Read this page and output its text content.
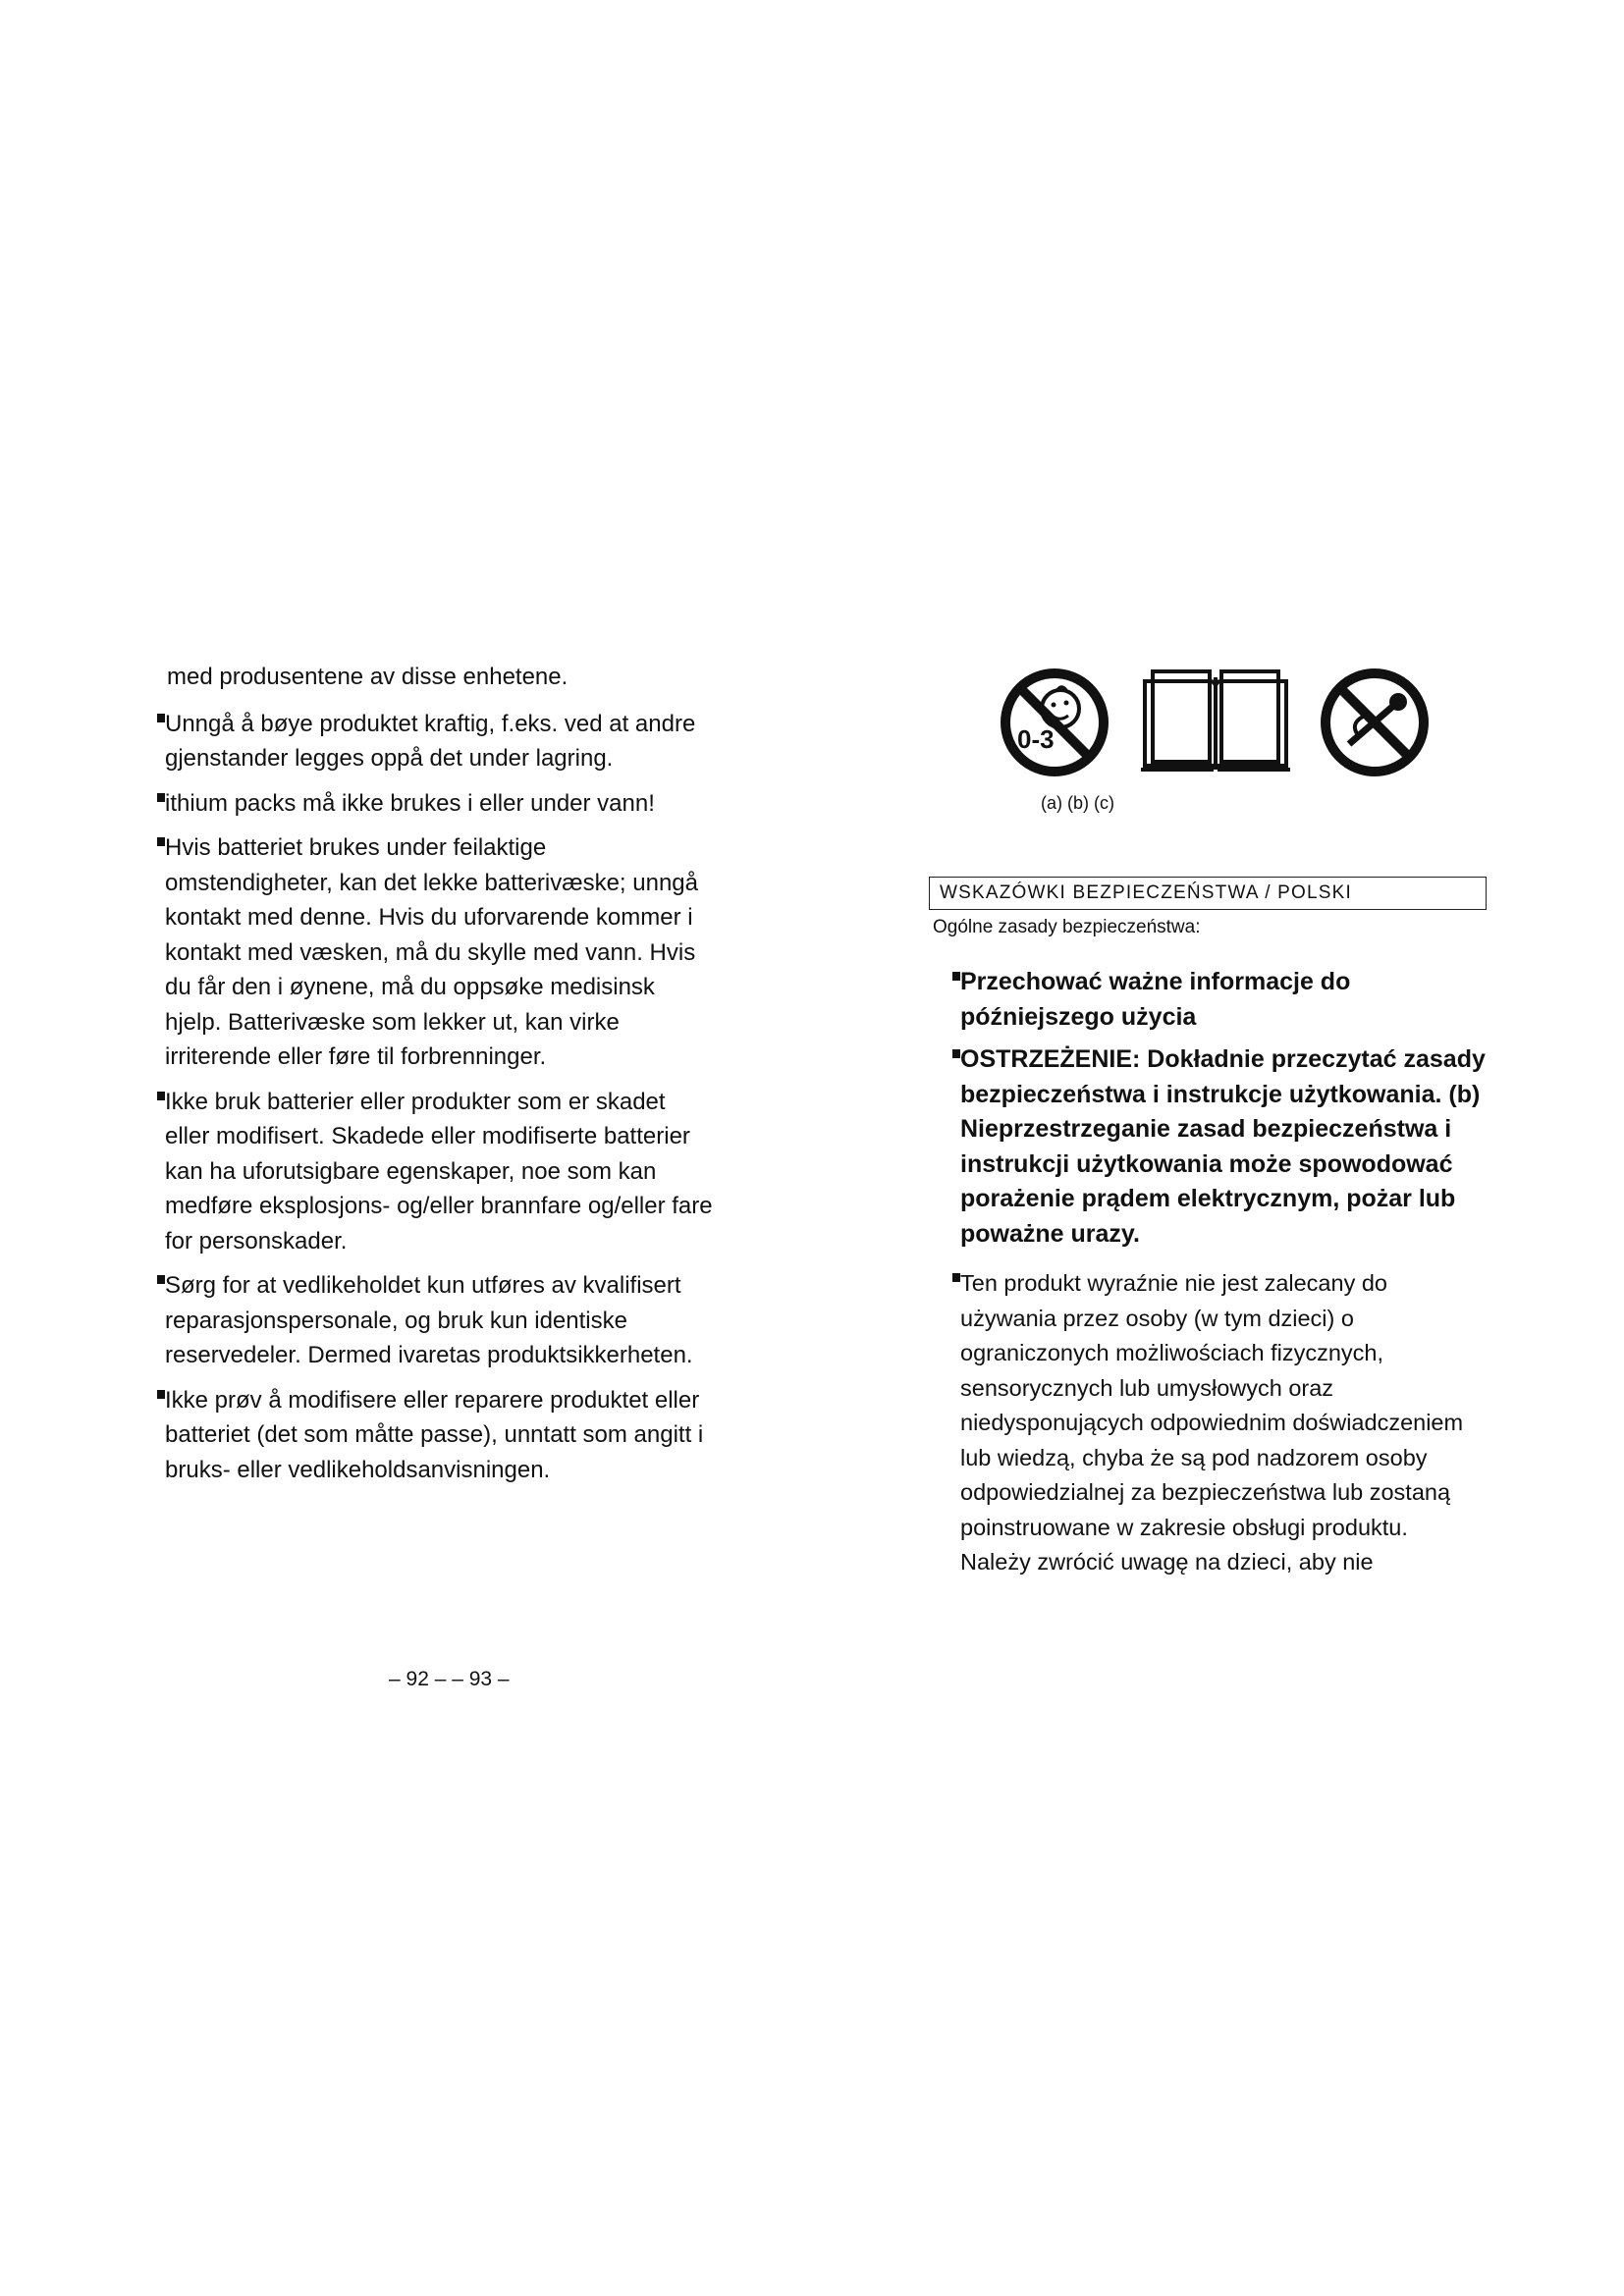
med produsentene av disse enhetene.

Unngå å bøye produktet kraftig, f.eks. ved at andre gjenstander legges oppå det under lagring.

ithium packs må ikke brukes i eller under vann!

Hvis batteriet brukes under feilaktige omstendigheter, kan det lekke batterivæske; unngå kontakt med denne. Hvis du uforvarende kommer i kontakt med væsken, må du skylle med vann. Hvis du får den i øynene, må du oppsøke medisinsk hjelp. Batterivæske som lekker ut, kan virke irriterende eller føre til forbrenninger.

Ikke bruk batterier eller produkter som er skadet eller modifisert. Skadede eller modifiserte batterier kan ha uforutsigbare egenskaper, noe som kan medføre eksplosjons- og/eller brannfare og/eller fare for personskader.

Sørg for at vedlikeholdet kun utføres av kvalifisert reparasjonspersonale, og bruk kun identiske reservedeler. Dermed ivaretas produktsikkerheten.

Ikke prøv å modifisere eller reparere produktet eller batteriet (det som måtte passe), unntatt som angitt i bruks- eller vedlikeholdsanvisningen.

0-3
(a) (b) (c)
WSKAZÓWKI BEZPIECZEŃSTWA / POLSKI
Ogólne zasady bezpieczeństwa:

Przechować ważne informacje do późniejszego użycia

OSTRZEŻENIE: Dokładnie przeczytać zasady bezpieczeństwa i instrukcje użytkowania. (b) Nieprzestrzeganie zasad bezpieczeństwa i instrukcji użytkowania może spowodować porażenie prądem elektrycznym, pożar lub poważne urazy.

Ten produkt wyraźnie nie jest zalecany do używania przez osoby (w tym dzieci) o ograniczonych możliwościach fizycznych, sensorycznych lub umysłowych oraz niedysponujących odpowiednim doświadczeniem lub wiedzą, chyba że są pod nadzorem osoby odpowiedzialnej za bezpieczeństwa lub zostaną poinstruowane w zakresie obsługi produktu.

Należy zwrócić uwagę na dzieci, aby nie

– 92 – – 93 –
